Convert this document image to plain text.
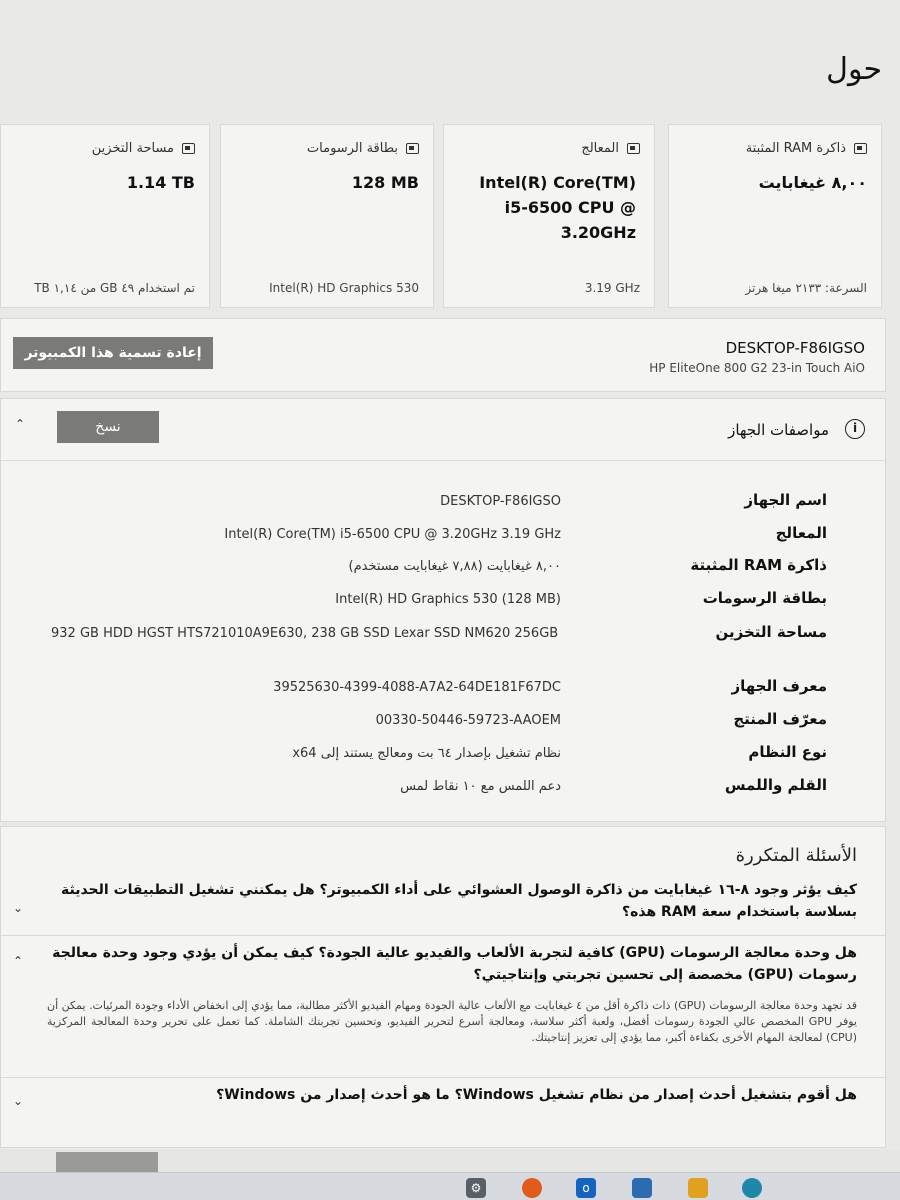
حول
ذاكرة RAM المثبتة
٨,٠٠ غيغابايت
السرعة: ٢١٣٣ ميغا هرتز
المعالج
Intel(R) Core(TM) i5-6500 CPU @ 3.20GHz
3.19 GHz
بطاقة الرسومات
128 MB
Intel(R) HD Graphics 530
مساحة التخزين
1.14 TB
تم استخدام ٤٩ GB من ١,١٤ TB
DESKTOP-F86IGSO
HP EliteOne 800 G2 23-in Touch AiO
إعادة تسمية هذا الكمبيوتر
i
مواصفات الجهاز
نسخ
⌃
اسم الجهاز
DESKTOP-F86IGSO
المعالج
Intel(R) Core(TM) i5-6500 CPU @ 3.20GHz 3.19 GHz
ذاكرة RAM المثبتة
٨,٠٠ غيغابايت (٧,٨٨ غيغابايت مستخدم)
بطاقة الرسومات
Intel(R) HD Graphics 530 (128 MB)
مساحة التخزين
932 GB HDD HGST HTS721010A9E630, 238 GB SSD Lexar SSD NM620 256GB
معرف الجهاز
39525630-4399-4088-A7A2-64DE181F67DC
معرّف المنتج
00330-50446-59723-AAOEM
نوع النظام
نظام تشغيل بإصدار ٦٤ بت ومعالج يستند إلى x64
القلم واللمس
دعم اللمس مع ١٠ نقاط لمس
الأسئلة المتكررة
كيف يؤثر وجود ٨-١٦ غيغابايت من ذاكرة الوصول العشوائي على أداء الكمبيوتر؟ هل يمكنني تشغيل التطبيقات الحديثة بسلاسة باستخدام سعة RAM هذه؟
⌄
هل وحدة معالجة الرسومات (GPU) كافية لتجربة الألعاب والفيديو عالية الجودة؟ كيف يمكن أن يؤدي وجود وحدة معالجة رسومات (GPU) مخصصة إلى تحسين تجربتي وإنتاجيتي؟
قد تجهد وحدة معالجة الرسومات (GPU) ذات ذاكرة أقل من ٤ غيغابايت مع الألعاب عالية الجودة ومهام الفيديو الأكثر مطالبة، مما يؤدي إلى انخفاض الأداء وجودة المرئيات. يمكن أن يوفر GPU المخصص عالي الجودة رسومات أفضل، ولعبة أكثر سلاسة، ومعالجة أسرع لتحرير الفيديو، وتحسين تجربتك الشاملة. كما تعمل على تحرير وحدة المعالجة المركزية (CPU) لمعالجة المهام الأخرى بكفاءة أكبر، مما يؤدي إلى تعزيز إنتاجيتك.
⌃
هل أقوم بتشغيل أحدث إصدار من نظام تشغيل Windows؟ ما هو أحدث إصدار من Windows؟
⌄
⚙	o
